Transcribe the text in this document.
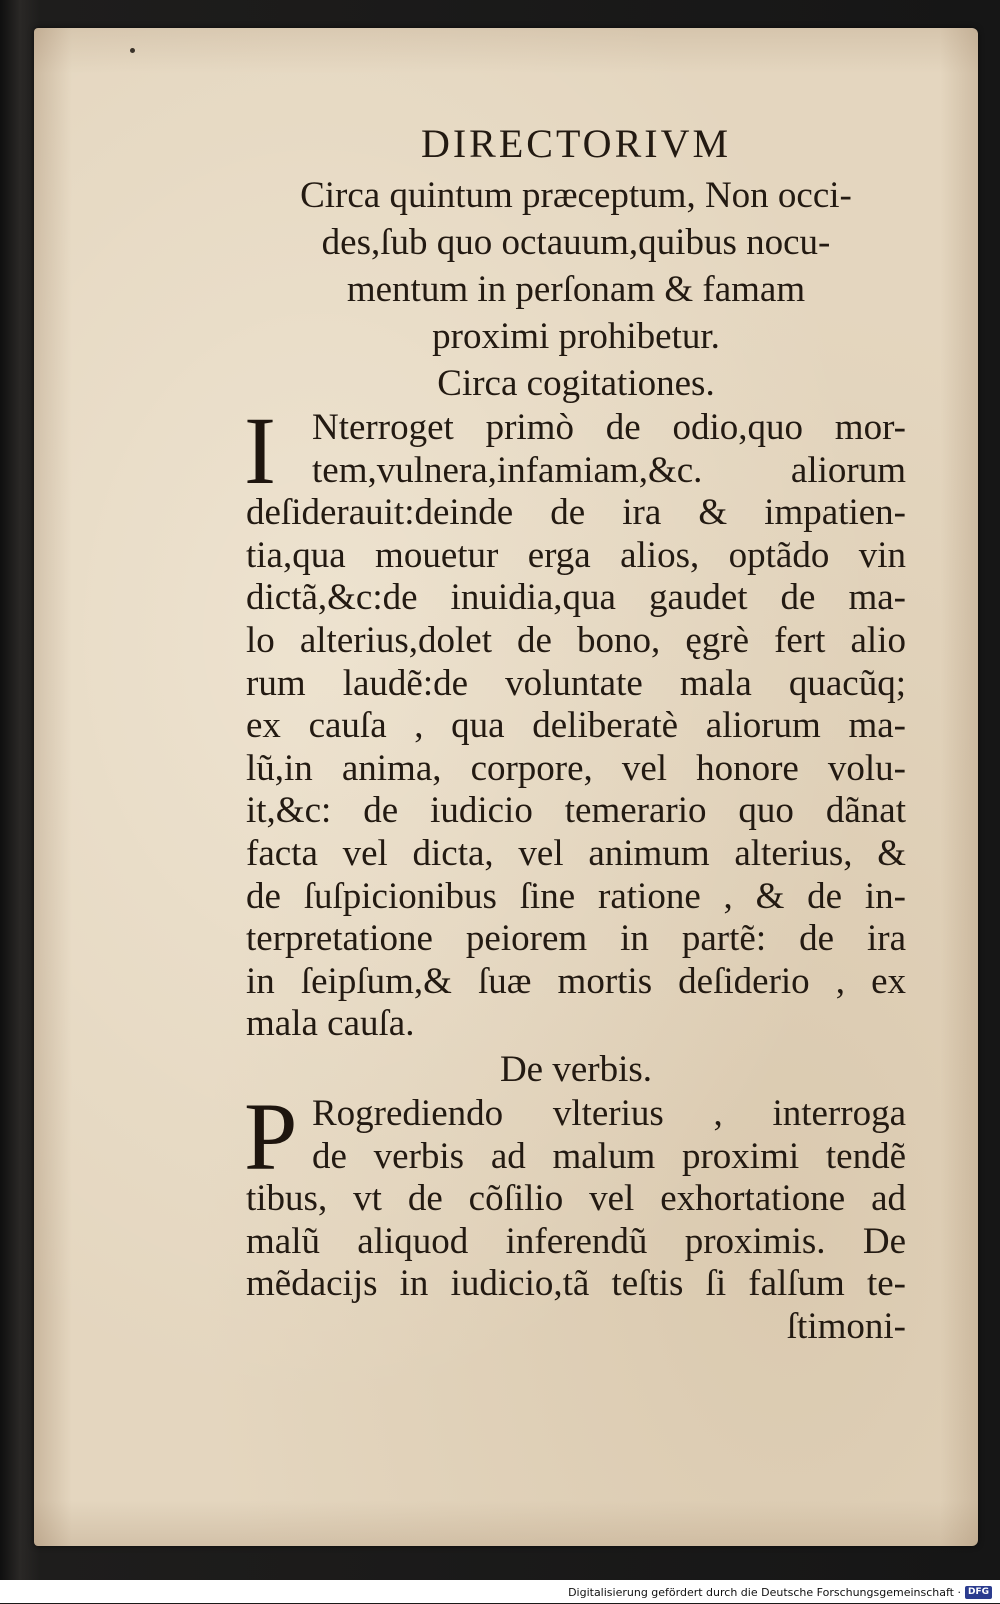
DIRECTORIVM
Circa quintum præceptum, Non occi-
des,ſub quo octauum,quibus nocu-
mentum in perſonam & famam
proximi prohibetur.
Circa cogitationes.
I Nterroget primò de odio,quo mor-
tem,vulnera,infamiam,&c. aliorum
deſiderauit:deinde de ira & impatien-
tia,qua mouetur erga alios, optãdo vin
dictã,&c:de inuidia,qua gaudet de ma-
lo alterius,dolet de bono, ęgrè fert alio
rum laudẽ:de voluntate mala quacũq;
ex cauſa , qua deliberatè aliorum ma-
lũ,in anima, corpore, vel honore volu-
it,&c: de iudicio temerario quo dãnat
facta vel dicta, vel animum alterius, &
de ſuſpicionibus ſine ratione , & de in-
terpretatione peiorem in partẽ: de ira
in ſeipſum,& ſuæ mortis deſiderio , ex
mala cauſa.
De verbis.
P Rogrediendo vlterius , interroga
de verbis ad malum proximi tendẽ
tibus, vt de cõſilio vel exhortatione ad
malũ aliquod inferendũ proximis. De
mẽdacijs in iudicio,tã teſtis ſi falſum te-
ſtimoni-
Digitalisierung gefördert durch die Deutsche Forschungsgemeinschaft · DFG
